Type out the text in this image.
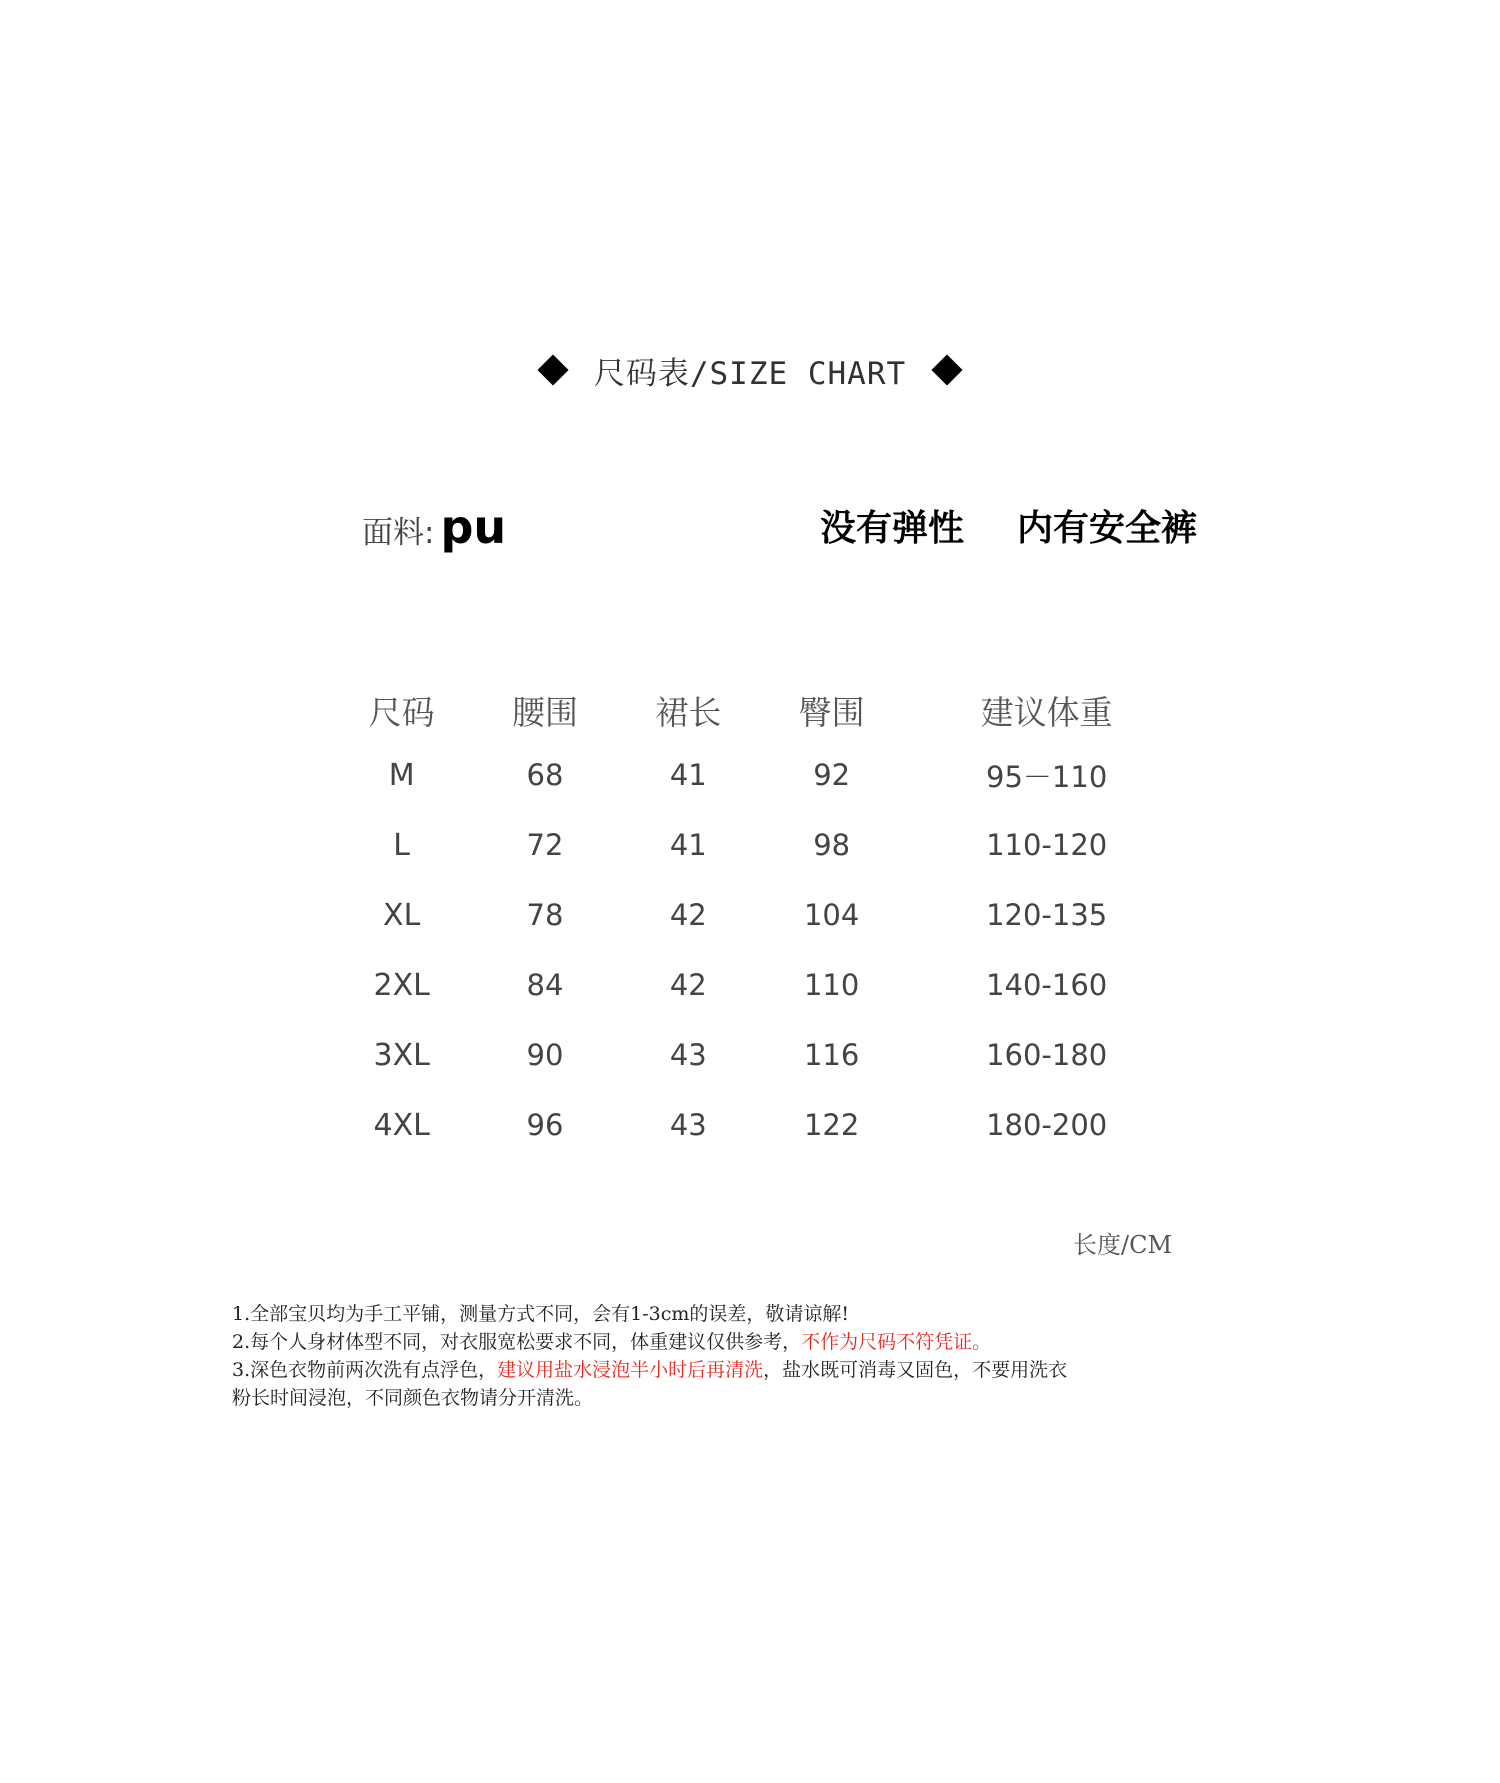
尺码表/SIZE CHART
面料: pu	没有弹性 内有安全裤
尺码	腰围	裙长	臀围	建议体重
M	68	41	92	95－110
L	72	41	98	110-120
XL	78	42	104	120-135
2XL	84	42	110	140-160
3XL	90	43	116	160-180
4XL	96	43	122	180-200
长度/CM

1.全部宝贝均为手工平铺，测量方式不同，会有1-3cm的误差，敬请谅解!

2.每个人身材体型不同，对衣服宽松要求不同，体重建议仅供参考，不作为尺码不符凭证。

3.深色衣物前两次洗有点浮色，建议用盐水浸泡半小时后再清洗，盐水既可消毒又固色，不要用洗衣

粉长时间浸泡，不同颜色衣物请分开清洗。
